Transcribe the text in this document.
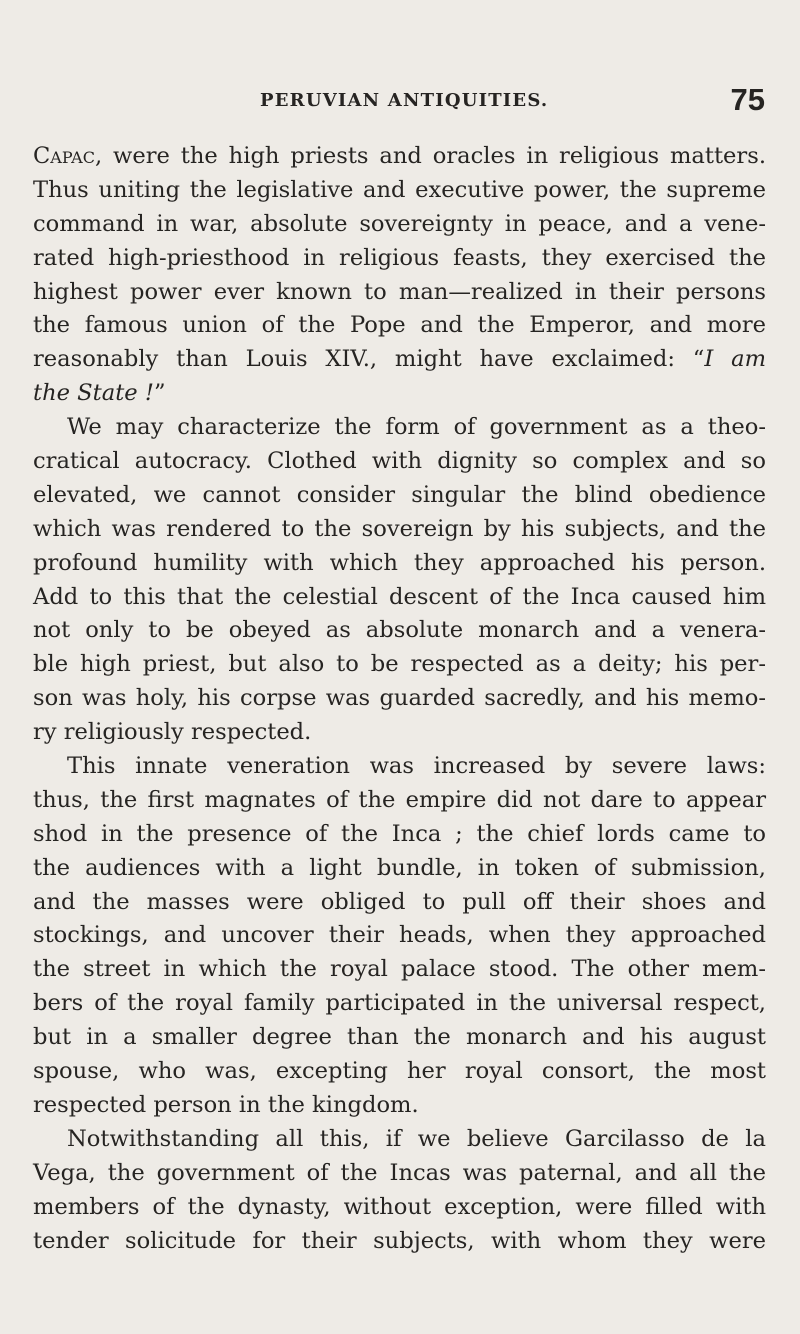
PERUVIAN ANTIQUITIES.	75
Capac, were the high priests and oracles in religious matters.
Thus uniting the legislative and executive power, the supreme
command in war, absolute sovereignty in peace, and a vene-
rated high-priesthood in religious feasts, they exercised the
highest power ever known to man—realized in their persons
the famous union of the Pope and the Emperor, and more
reasonably than Louis XIV., might have exclaimed: “I am
the State !”
We may characterize the form of government as a theo-
cratical autocracy. Clothed with dignity so complex and so
elevated, we cannot consider singular the blind obedience
which was rendered to the sovereign by his subjects, and the
profound humility with which they approached his person.
Add to this that the celestial descent of the Inca caused him
not only to be obeyed as absolute monarch and a venera-
ble high priest, but also to be respected as a deity; his per-
son was holy, his corpse was guarded sacredly, and his memo-
ry religiously respected.
This innate veneration was increased by severe laws:
thus, the first magnates of the empire did not dare to appear
shod in the presence of the Inca ; the chief lords came to
the audiences with a light bundle, in token of submission,
and the masses were obliged to pull off their shoes and
stockings, and uncover their heads, when they approached
the street in which the royal palace stood. The other mem-
bers of the royal family participated in the universal respect,
but in a smaller degree than the monarch and his august
spouse, who was, excepting her royal consort, the most
respected person in the kingdom.
Notwithstanding all this, if we believe Garcilasso de la
Vega, the government of the Incas was paternal, and all the
members of the dynasty, without exception, were filled with
tender solicitude for their subjects, with whom they were
